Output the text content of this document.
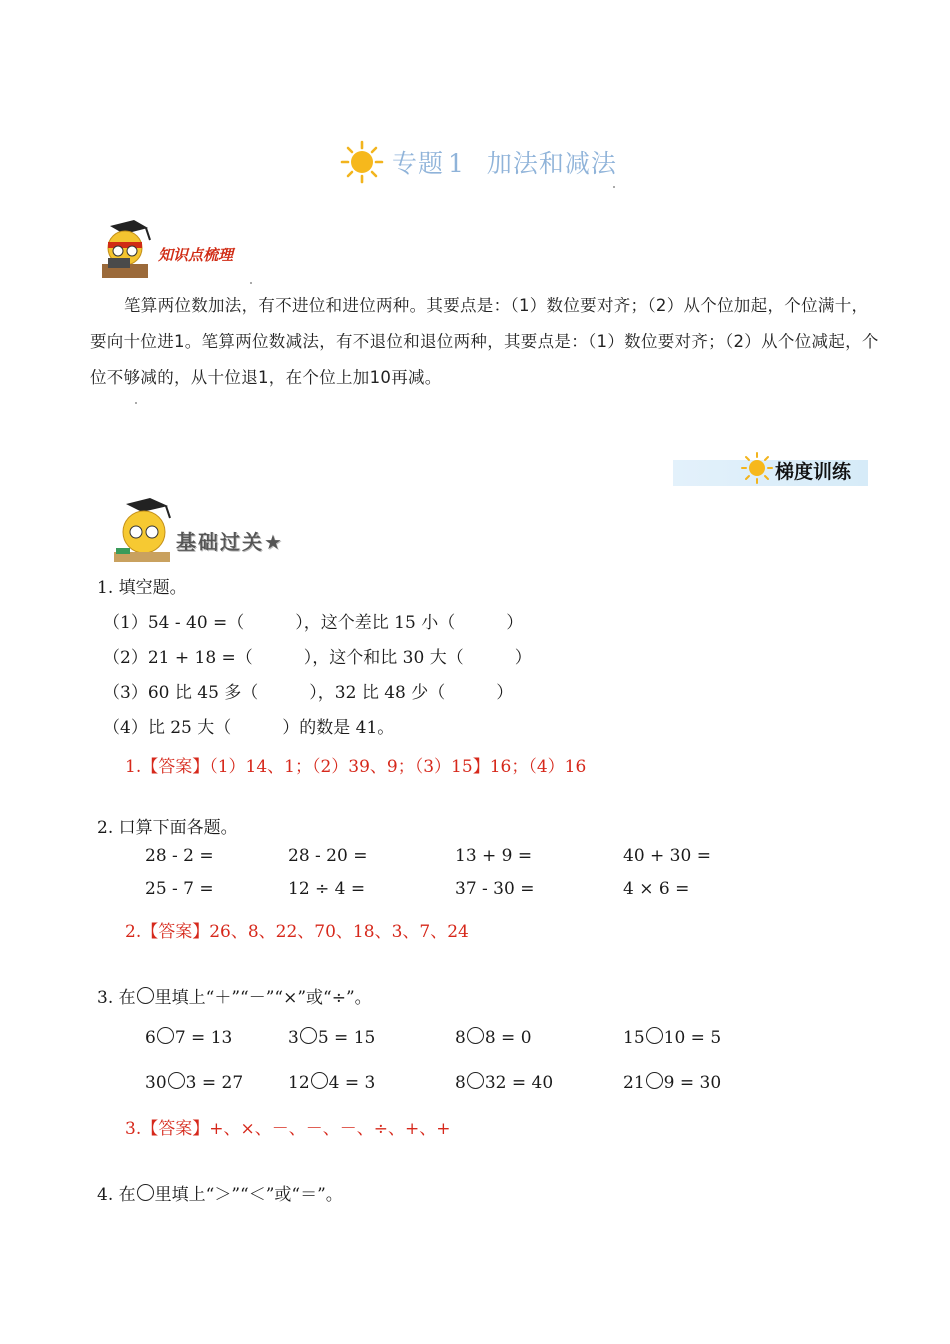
专题 1 加法和减法
知识点梳理
笔算两位数加法，有不进位和进位两种。其要点是：（1）数位要对齐；（2）从个位加起，个位满十，要向十位进1。笔算两位数减法，有不退位和退位两种，其要点是：（1）数位要对齐；（2）从个位减起，个位不够减的，从十位退1，在个位上加10再减。
梯度训练
基础过关★
1. 填空题。
（1）54 - 40 =（　　　），这个差比 15 小（　　　）
（2）21 + 18 =（　　　），这个和比 30 大（　　　）
（3）60 比 45 多（　　　），32 比 48 少（　　　）
（4）比 25 大（　　　）的数是 41。
1.【答案】（1）14、1；（2）39、9；（3）15】16；（4）16
2. 口算下面各题。
28 - 2 =	28 - 20 =	13 + 9 =	40 + 30 =
25 - 7 =	12 ÷ 4 =	37 - 30 =	4 × 6 =
2.【答案】26、8、22、70、18、3、7、24
3. 在 里填上“＋”“－”“×”或“÷”。
6 7 = 13	3 5 = 15	8 8 = 0	15 10 = 5
30 3 = 27	12 4 = 3	8 32 = 40	21 9 = 30
3.【答案】+、×、－、－、－、÷、+、+
4. 在 里填上“＞”“＜”或“＝”。
